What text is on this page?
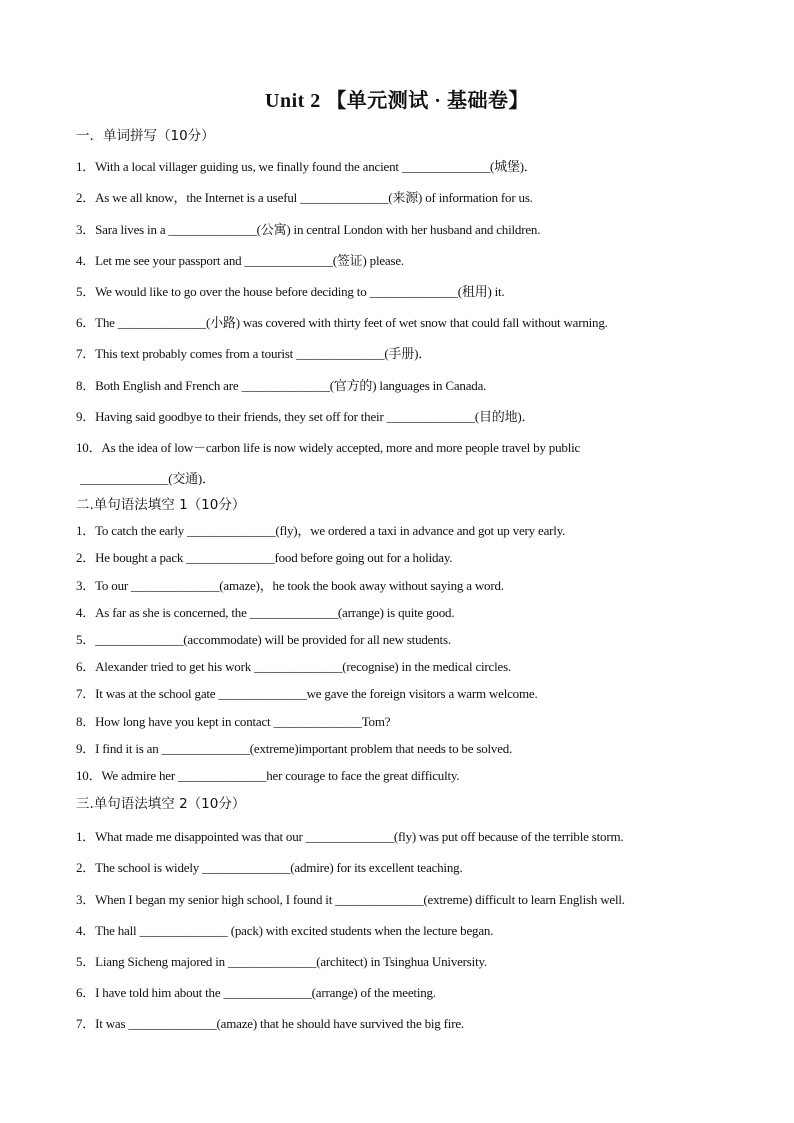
Unit 2 【单元测试 · 基础卷】
一．单词拼写（10分）
1．With a local villager guiding us, we finally found the ancient ______________(城堡)．
2．As we all know，the Internet is a useful ______________(来源) of information for us.
3．Sara lives in a ______________(公寓) in central London with her husband and children.
4．Let me see your passport and ______________(签证) please.
5．We would like to go over the house before deciding to ______________(租用) it.
6．The ______________(小路) was covered with thirty feet of wet snow that could fall without warning.
7．This text probably comes from a tourist ______________(手册)．
8．Both English and French are ______________(官方的) languages in Canada.
9．Having said goodbye to their friends, they set off for their ______________(目的地)．
10．As the idea of low－carbon life is now widely accepted, more and more people travel by public
______________(交通)．
二.单句语法填空 1（10分）
1．To catch the early ______________(fly)，we ordered a taxi in advance and got up very early.
2．He bought a pack ______________food before going out for a holiday.
3．To our ______________(amaze)，he took the book away without saying a word.
4．As far as she is concerned, the ______________(arrange) is quite good.
5．______________(accommodate) will be provided for all new students.
6．Alexander tried to get his work ______________(recognise) in the medical circles.
7．It was at the school gate ______________we gave the foreign visitors a warm welcome.
8．How long have you kept in contact ______________Tom?
9．I find it is an ______________(extreme)important problem that needs to be solved.
10．We admire her ______________her courage to face the great difficulty.
三.单句语法填空 2（10分）
1．What made me disappointed was that our ______________(fly) was put off because of the terrible storm.
2．The school is widely ______________(admire) for its excellent teaching.
3．When I began my senior high school, I found it ______________(extreme) difficult to learn English well.
4．The hall ______________ (pack) with excited students when the lecture began.
5．Liang Sicheng majored in ______________(architect) in Tsinghua University.
6．I have told him about the ______________(arrange) of the meeting.
7．It was ______________(amaze) that he should have survived the big fire.
